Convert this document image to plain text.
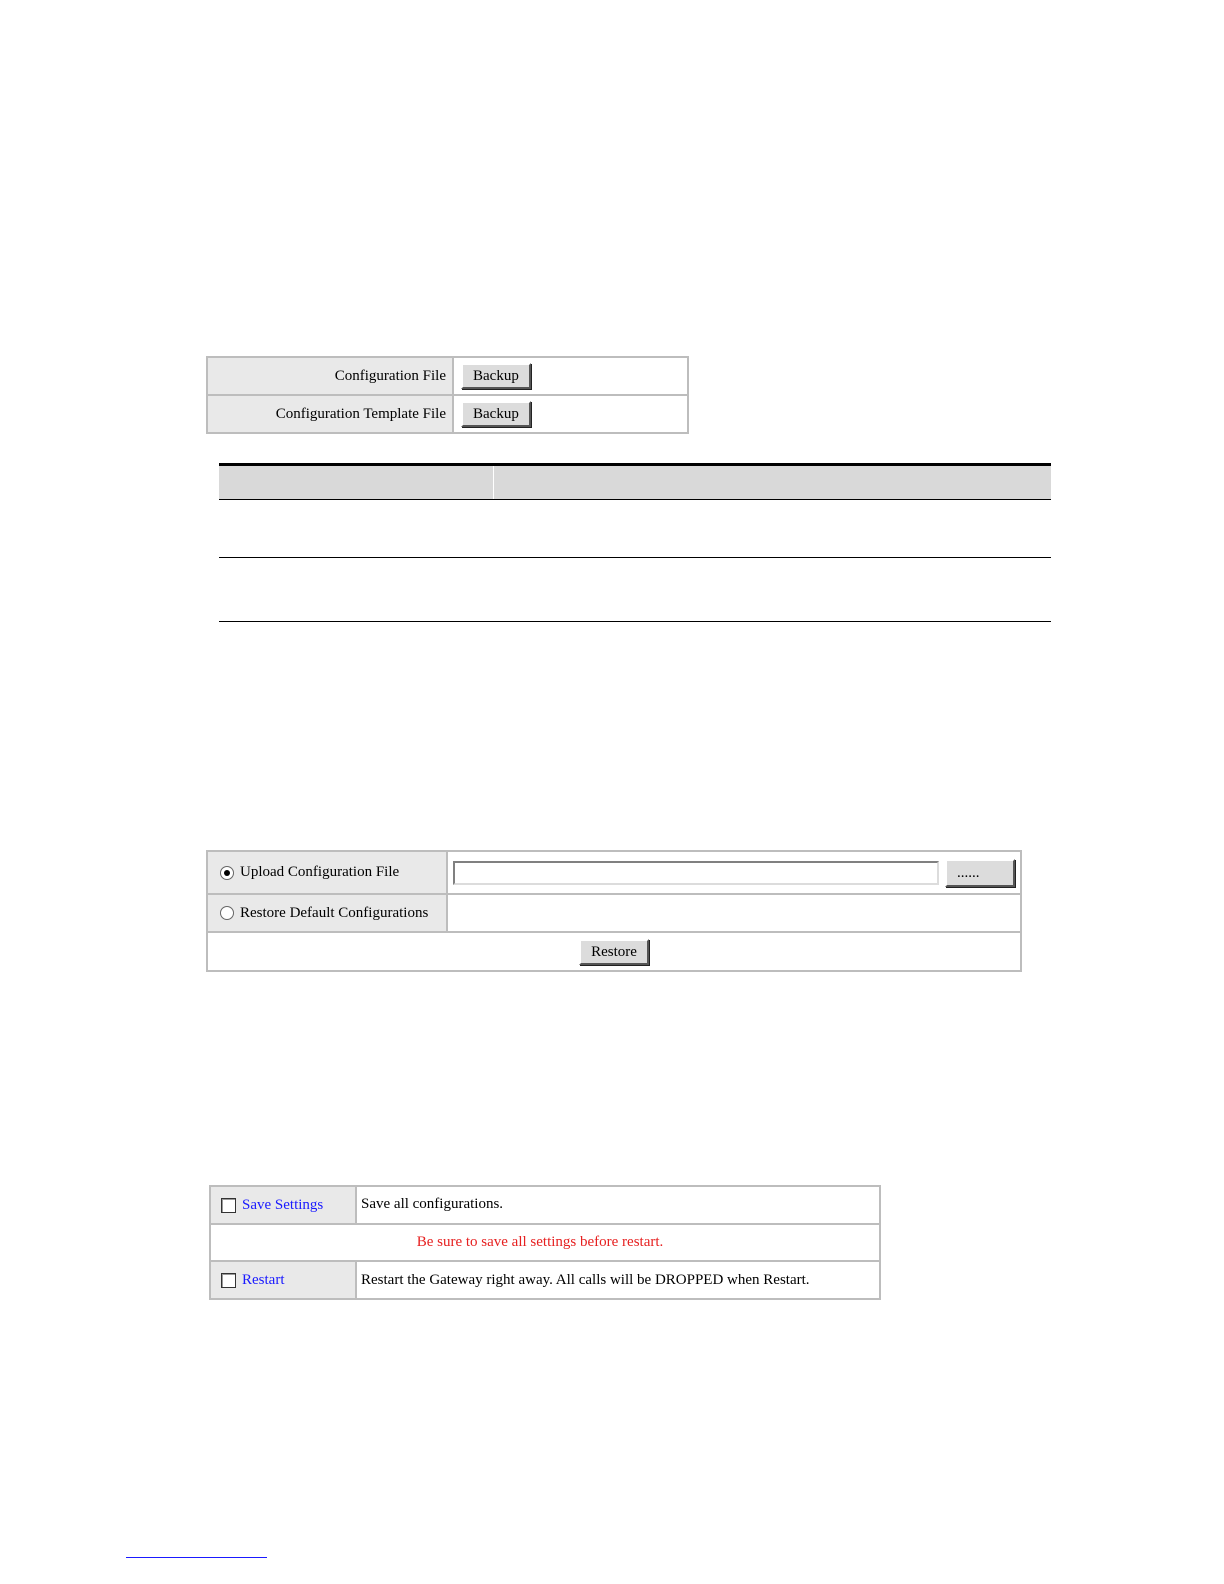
Configuration File	Backup
Configuration Template File	Backup
Upload Configuration File	......

Restore Default Configurations	
Restore	
Save Settings	Save all configurations.
Be sure to save all settings before restart.	
Restart	Restart the Gateway right away. All calls will be DROPPED when Restart.
